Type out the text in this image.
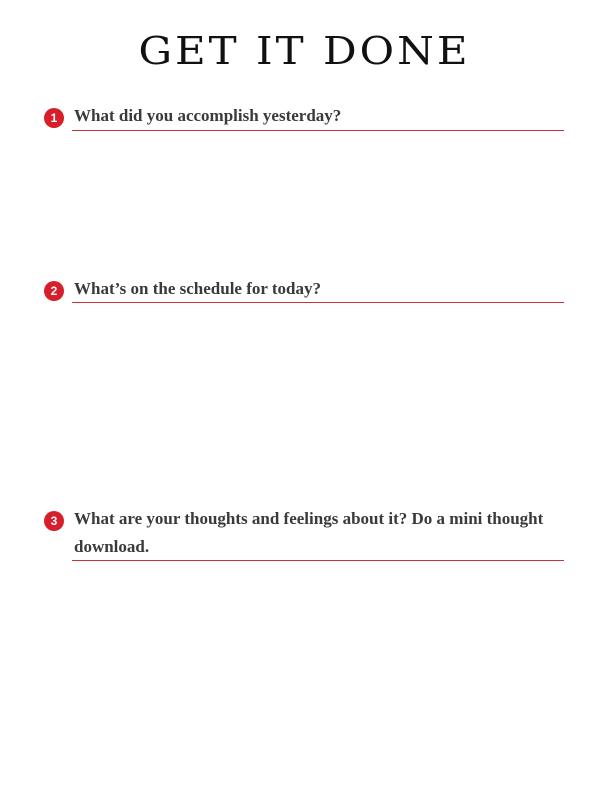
GET IT DONE
1 What did you accomplish yesterday?
2 What’s on the schedule for today?
3 What are your thoughts and feelings about it? Do a mini thought download.
